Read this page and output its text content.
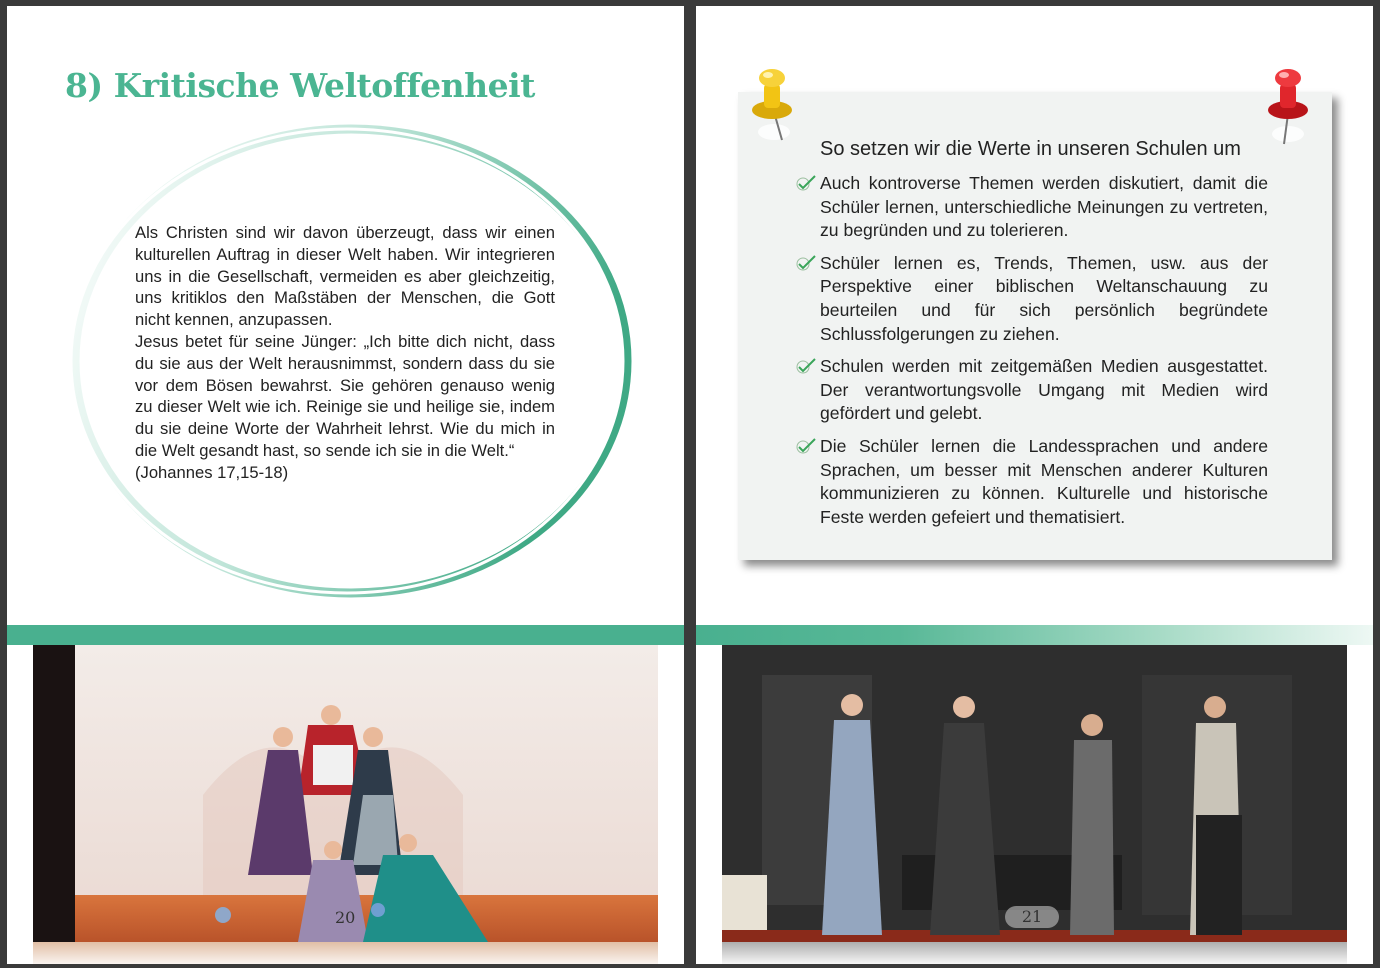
8) Kritische Weltoffenheit

Als Christen sind wir davon überzeugt, dass wir einen kulturellen Auftrag in dieser Welt haben. Wir integrieren uns in die Gesellschaft, vermeiden es aber gleichzeitig, uns kritiklos den Maßstäben der Menschen, die Gott nicht kennen, anzupassen.

Jesus betet für seine Jünger: „Ich bitte dich nicht, dass du sie aus der Welt herausnimmst, sondern dass du sie vor dem Bösen bewahrst. Sie gehören genauso wenig zu dieser Welt wie ich. Reinige sie und heilige sie, indem du sie deine Worte der Wahrheit lehrst. Wie du mich in die Welt gesandt hast, so sende ich sie in die Welt.“

(Johannes 17,15-18)

20
So setzen wir die Werte in unseren Schulen um
Auch kontroverse Themen werden diskutiert, damit die Schüler lernen, unterschiedliche Meinungen zu vertreten, zu begründen und zu tolerieren.
Schüler lernen es, Trends, Themen, usw. aus der Perspektive einer biblischen Weltanschauung zu beurteilen und für sich persönlich begründete Schlussfolgerungen zu ziehen.
Schulen werden mit zeitgemäßen Medien ausgestattet. Der verantwortungsvolle Umgang mit Medien wird gefördert und gelebt.
Die Schüler lernen die Landessprachen und andere Sprachen, um besser mit Menschen anderer Kulturen kommunizieren zu können. Kulturelle und historische Feste werden gefeiert und thematisiert.
21
